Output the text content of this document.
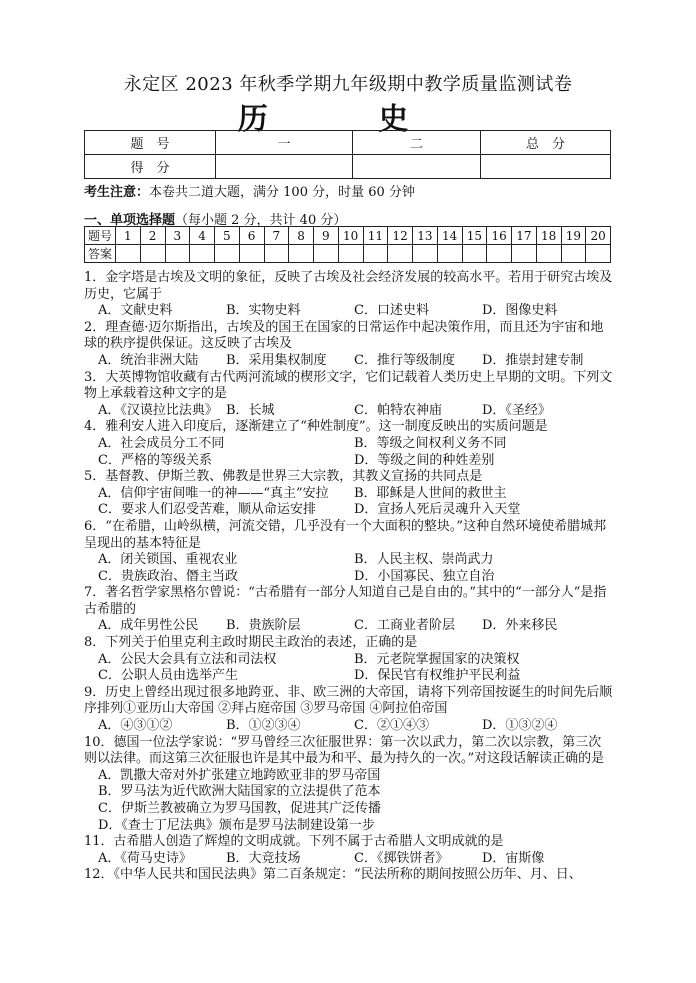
永定区 2023 年秋季学期九年级期中教学质量监测试卷
历 史
题　号	一	二	总　分
得　分			
考生注意：本卷共二道大题，满分 100 分，时量 60 分钟
一、单项选择题（每小题 2 分，共计 40 分）
题号	1	2	3	4	5	6	7	8	9	10	11	12	13	14	15	16	17	18	19	20
答案																				
1．金字塔是古埃及文明的象征，反映了古埃及社会经济发展的较高水平。若用于研究古埃及历史，它属于
A．文献史料	B．实物史料	C．口述史料	D．图像史料
2．理查德·迈尔斯指出，古埃及的国王在国家的日常运作中起决策作用，而且还为宇宙和地球的秩序提供保证。这反映了古埃及
A．统治非洲大陆	B．采用集权制度	C．推行等级制度	D．推崇封建专制
3．大英博物馆收藏有古代两河流域的楔形文字，它们记载着人类历史上早期的文明。下列文物上承载着这种文字的是
A．《汉谟拉比法典》 B．长城	C．帕特农神庙	D．《圣经》
4．雅利安人进入印度后，逐渐建立了“种姓制度”。这一制度反映出的实质问题是
A．社会成员分工不同	B．等级之间权利义务不同
C．严格的等级关系	D．等级之间的种姓差别
5．基督教、伊斯兰教、佛教是世界三大宗教，其教义宣扬的共同点是
A．信仰宇宙间唯一的神——“真主”安拉	B．耶稣是人世间的救世主
C．要求人们忍受苦难，顺从命运安排	D．宣扬人死后灵魂升入天堂
6．“在希腊，山岭纵横，河流交错，几乎没有一个大面积的整块。”这种自然环境使希腊城邦呈现出的基本特征是
A．闭关锁国、重视农业	B．人民主权、崇尚武力
C．贵族政治、僭主当政	D．小国寡民、独立自治
7．著名哲学家黑格尔曾说：“古希腊有一部分人知道自己是自由的。”其中的“一部分人”是指古希腊的
A．成年男性公民	B．贵族阶层	C．工商业者阶层	D．外来移民
8．下列关于伯里克利主政时期民主政治的表述，正确的是
A．公民大会具有立法和司法权	B．元老院掌握国家的决策权
C．公职人员由选举产生	D．保民官有权维护平民利益
9．历史上曾经出现过很多地跨亚、非、欧三洲的大帝国，请将下列帝国按诞生的时间先后顺序排列①亚历山大帝国 ②拜占庭帝国 ③罗马帝国 ④阿拉伯帝国
A．④③①②	B．①②③④	C．②①④③	D．①③②④
10．德国一位法学家说：“罗马曾经三次征服世界：第一次以武力，第二次以宗教，第三次则以法律。而这第三次征服也许是其中最为和平、最为持久的一次。”对这段话解读正确的是
A．凯撒大帝对外扩张建立地跨欧亚非的罗马帝国
B．罗马法为近代欧洲大陆国家的立法提供了范本
C．伊斯兰教被确立为罗马国教，促进其广泛传播
D．《查士丁尼法典》颁布是罗马法制建设第一步
11．古希腊人创造了辉煌的文明成就。下列不属于古希腊人文明成就的是
A．《荷马史诗》	B．大竞技场	C．《掷铁饼者》	D．宙斯像
12．《中华人民共和国民法典》第二百条规定：“民法所称的期间按照公历年、月、日、
